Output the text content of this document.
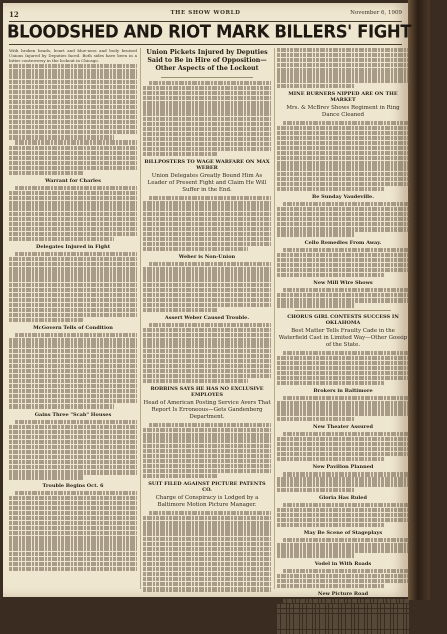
12	THE SHOW WORLD	November 6, 1909
BLOODSHED AND RIOT MARK BILLERS' FIGHT

With broken heads, heart and blue-ness and body bruised Unions Injured by Deputies faced. Both sides have been in a bitter controversy in the lockout in Chicago.

Warrant for Charles
Delegates Injured in Fight
McGovern Tells of Condition
Gains Three "Scab" Houses
Trouble Begins Oct. 6
Union Pickets Injured by Deputies Said to Be in Hire of Opposition—Other Aspects of the Lockout
BILLPOSTERS TO WAGE WARFARE ON MAX WEBER
Union Delegates Greatly Bound Him As Leader of Present Fight and Claim He Will Suffer in the End.
Weber is Non-Union
Assert Weber Caused Trouble.
ROBBINS SAYS HE HAS NO EXCLUSIVE EMPLOYES
Head of American Posting Service Avers That Report Is Erroneous—Gets Gandenberg Department.
SUIT FILED AGAINST PICTURE PATENTS CO.
Charge of Conspiracy is Lodged by a Baltimore Motion Picture Manager.
MINE BURNERS NIPPED ARE ON THE MARKET
Mrs. & McBrev Shows Regiment in Ring Dance Cleaned
Be Sunday Vaudeville.
Cello Remedies From Away.
New Mill Wire Shows
CHORUS GIRL CONTESTS SUCCESS IN OKLAHOMA
Best Matter Tells Fraulty Cade in the Waterfield Cast in Limited Way—Other Gossip of the State.
Brokers in Baltimore
New Theater Assured
New Pavilion Planned
Gloria Has Ruled
May Be Scene of Stageplays
Vodel in With Roads
New Picture Road
